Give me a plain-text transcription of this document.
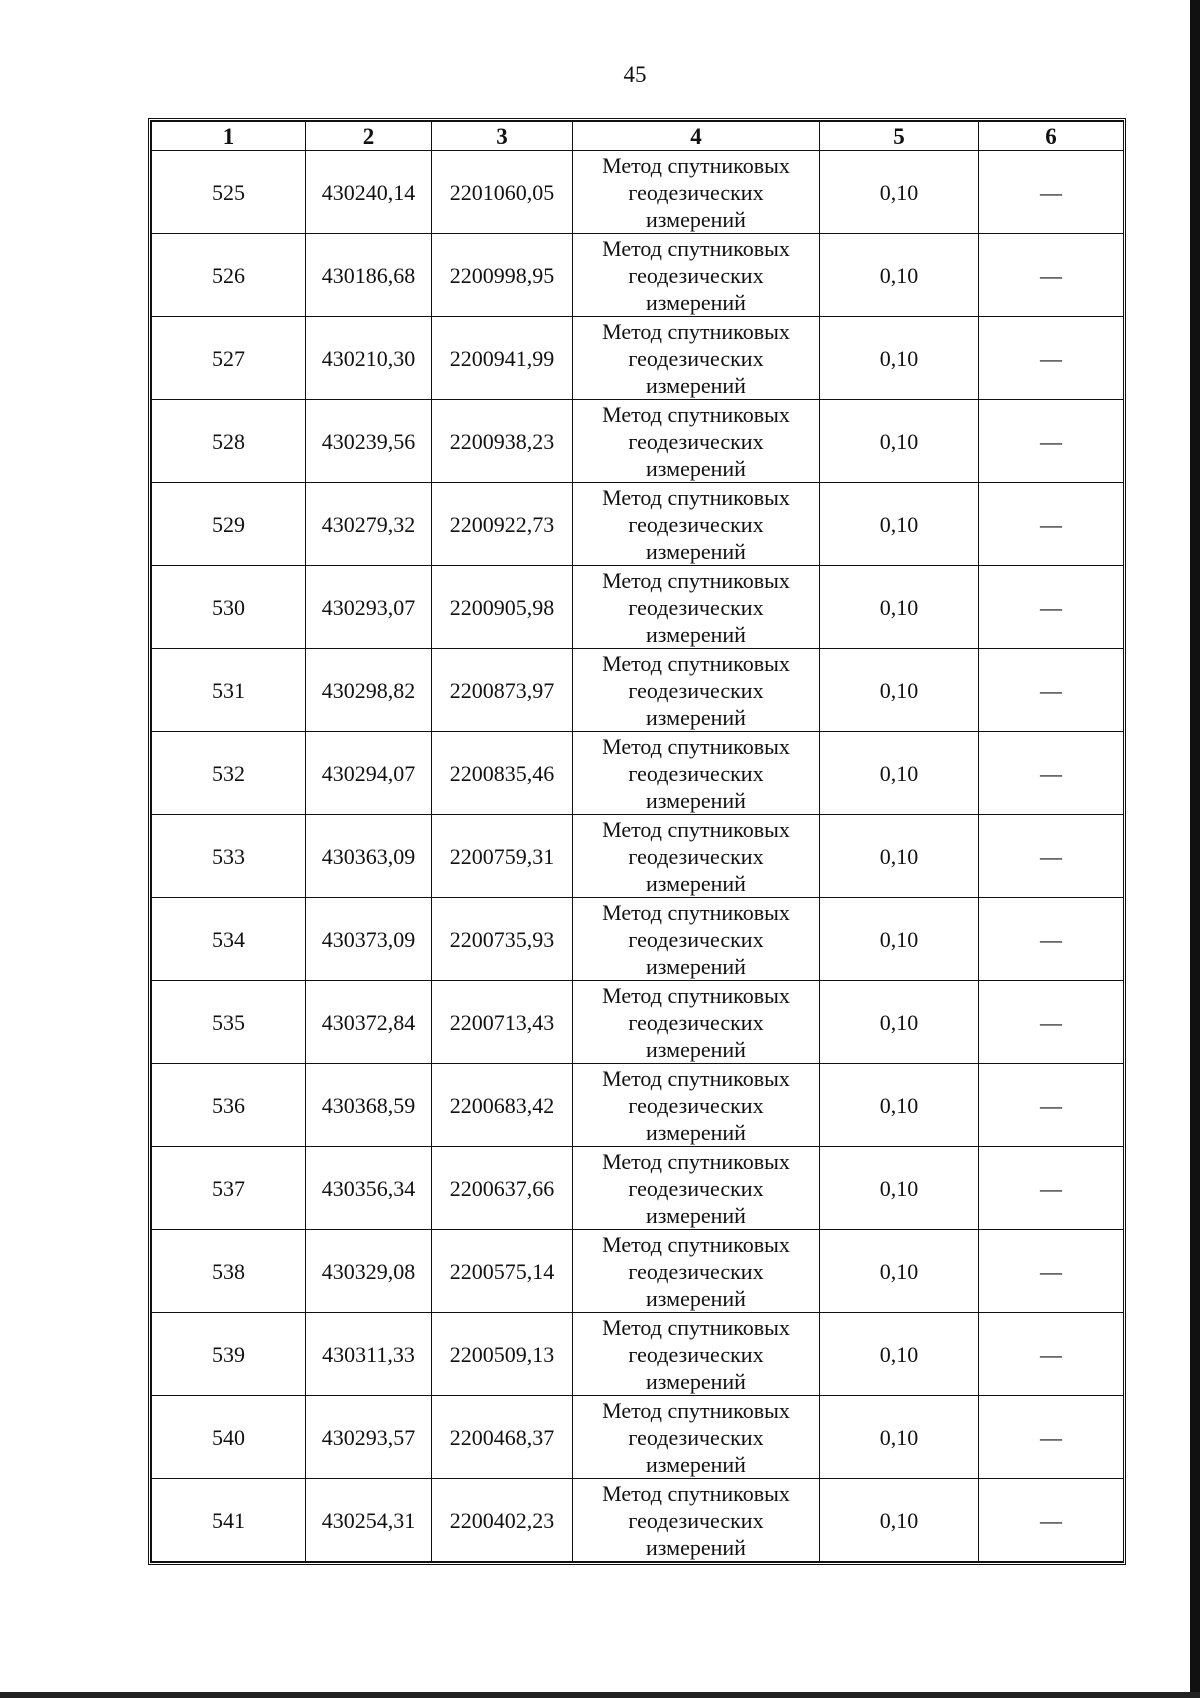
45
1	2	3	4	5	6
525	430240,14	2201060,05	Метод спутниковых
геодезических
измерений	0,10	—
526	430186,68	2200998,95	Метод спутниковых
геодезических
измерений	0,10	—
527	430210,30	2200941,99	Метод спутниковых
геодезических
измерений	0,10	—
528	430239,56	2200938,23	Метод спутниковых
геодезических
измерений	0,10	—
529	430279,32	2200922,73	Метод спутниковых
геодезических
измерений	0,10	—
530	430293,07	2200905,98	Метод спутниковых
геодезических
измерений	0,10	—
531	430298,82	2200873,97	Метод спутниковых
геодезических
измерений	0,10	—
532	430294,07	2200835,46	Метод спутниковых
геодезических
измерений	0,10	—
533	430363,09	2200759,31	Метод спутниковых
геодезических
измерений	0,10	—
534	430373,09	2200735,93	Метод спутниковых
геодезических
измерений	0,10	—
535	430372,84	2200713,43	Метод спутниковых
геодезических
измерений	0,10	—
536	430368,59	2200683,42	Метод спутниковых
геодезических
измерений	0,10	—
537	430356,34	2200637,66	Метод спутниковых
геодезических
измерений	0,10	—
538	430329,08	2200575,14	Метод спутниковых
геодезических
измерений	0,10	—
539	430311,33	2200509,13	Метод спутниковых
геодезических
измерений	0,10	—
540	430293,57	2200468,37	Метод спутниковых
геодезических
измерений	0,10	—
541	430254,31	2200402,23	Метод спутниковых
геодезических
измерений	0,10	—
